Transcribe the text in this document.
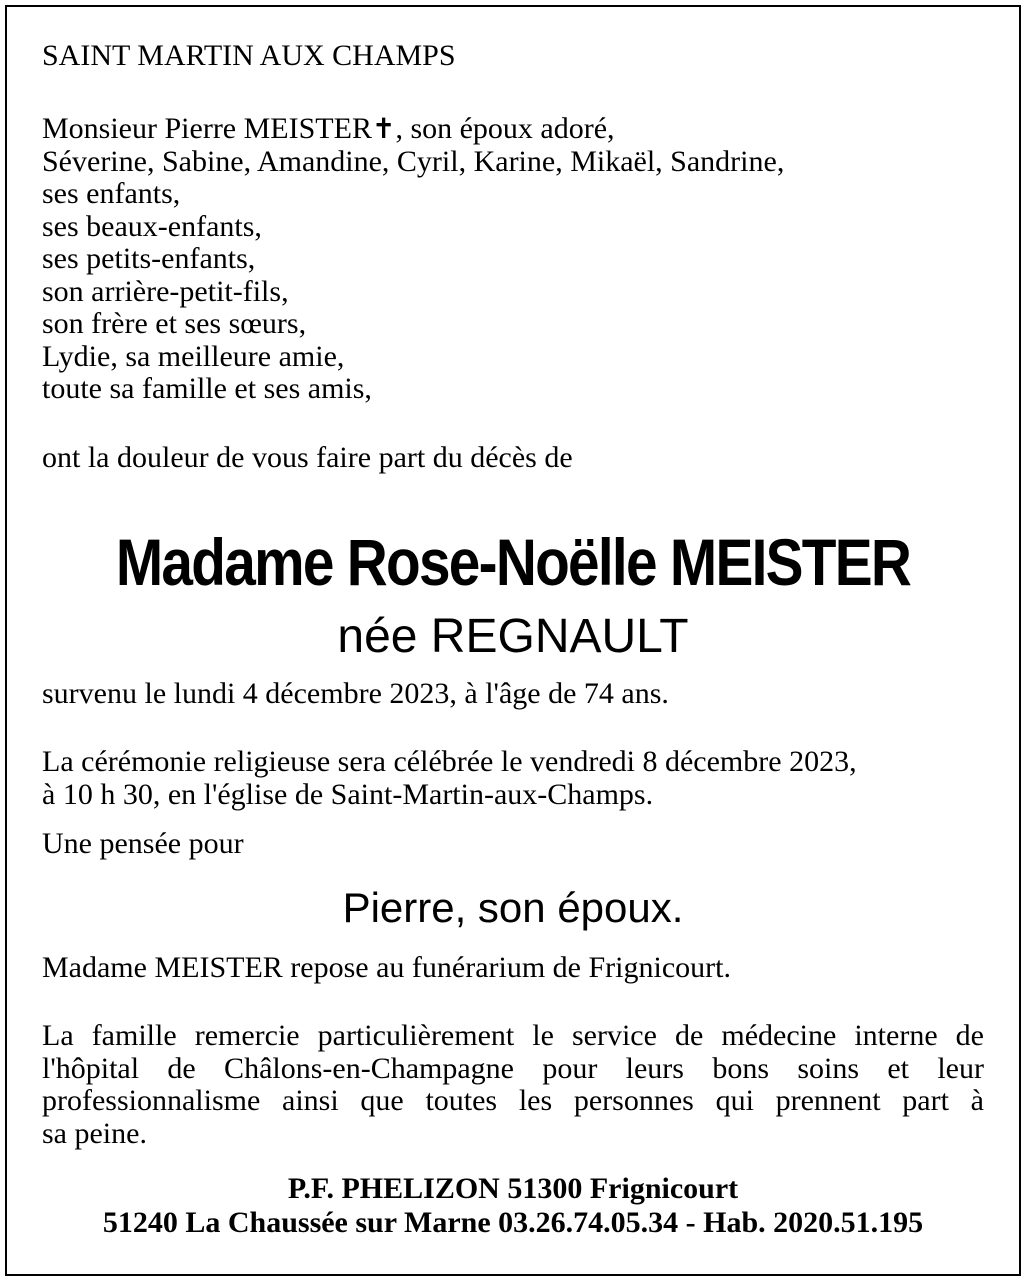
SAINT MARTIN AUX CHAMPS
Monsieur Pierre MEISTER✝, son époux adoré,
Séverine, Sabine, Amandine, Cyril, Karine, Mikaël, Sandrine,
ses enfants,
ses beaux-enfants,
ses petits-enfants,
son arrière-petit-fils,
son frère et ses sœurs,
Lydie, sa meilleure amie,
toute sa famille et ses amis,
ont la douleur de vous faire part du décès de
Madame Rose-Noëlle MEISTER
née REGNAULT
survenu le lundi 4 décembre 2023, à l'âge de 74 ans.
La cérémonie religieuse sera célébrée le vendredi 8 décembre 2023,
à 10 h 30, en l'église de Saint-Martin-aux-Champs.
Une pensée pour
Pierre, son époux.
Madame MEISTER repose au funérarium de Frignicourt.
La famille remercie particulièrement le service de médecine interne de
l'hôpital de Châlons-en-Champagne pour leurs bons soins et leur
professionnalisme ainsi que toutes les personnes qui prennent part à
sa peine.
P.F. PHELIZON 51300 Frignicourt
51240 La Chaussée sur Marne 03.26.74.05.34 - Hab. 2020.51.195
